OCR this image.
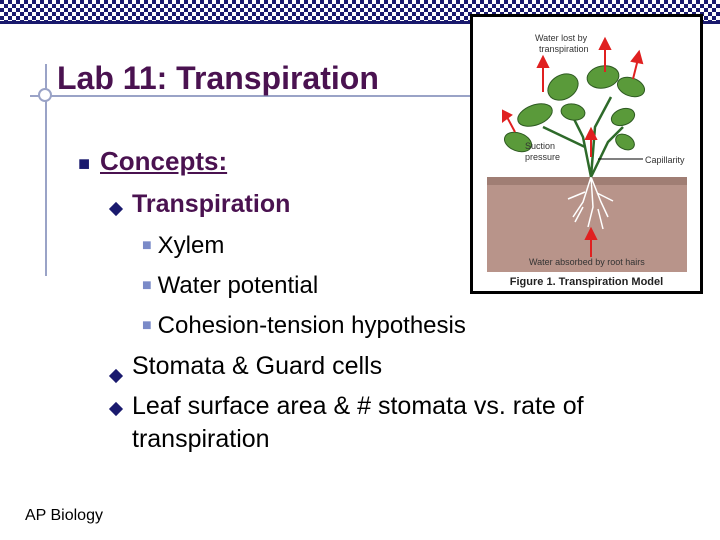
Lab 11: Transpiration
■ Concepts:
Transpiration
■ Xylem
■ Water potential
■ Cohesion-tension hypothesis
Stomata & Guard cells
Leaf surface area & # stomata vs. rate of
transpiration
AP Biology
Water lost by
transpiration
Suction
pressure	Capillarity
Water absorbed by root hairs
Figure 1. Transpiration Model
